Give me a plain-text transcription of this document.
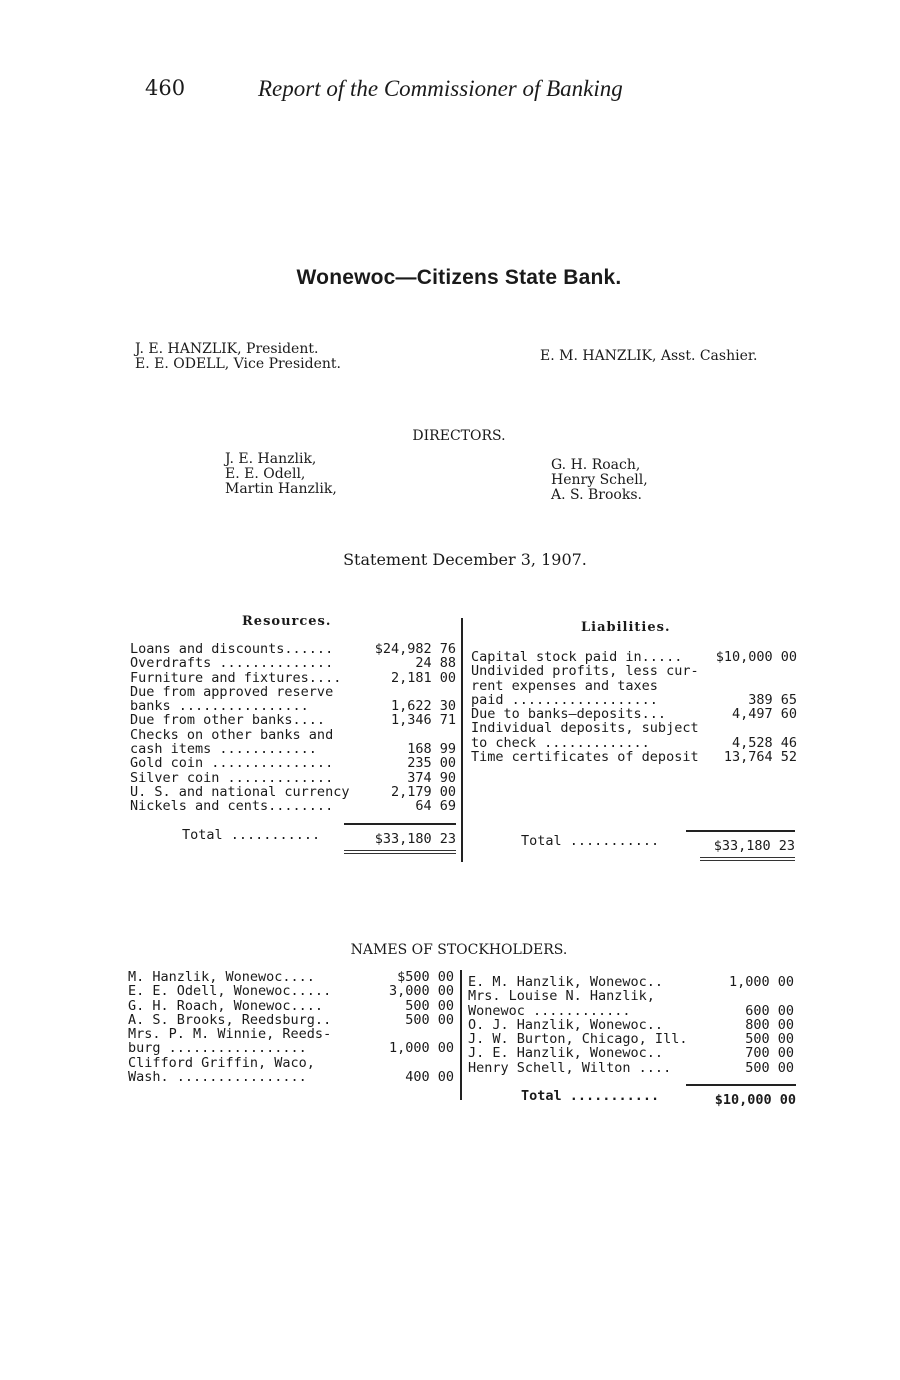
460	Report of the Commissioner of Banking
Wonewoc—Citizens State Bank.
J. E. HANZLIK, President.
E. E. ODELL, Vice President.	E. M. HANZLIK, Asst. Cashier.
DIRECTORS.
J. E. Hanzlik,
E. E. Odell,
Martin Hanzlik,
G. H. Roach,
Henry Schell,
A. S. Brooks.
Statement December 3, 1907.
Resources.
Loans and discounts......	$24,982 76
Overdrafts ..............	24 88
Furniture and fixtures....	2,181 00
Due from approved reserve
banks ................	1,622 30
Due from other banks....	1,346 71
Checks on other banks and
cash items ............	168 99
Gold coin ...............	235 00
Silver coin .............	374 90
U. S. and national currency	2,179 00
Nickels and cents........	64 69
Total ...........	$33,180 23
Liabilities.
Capital stock paid in..... $10,000 00
Undivided profits, less cur-
rent expenses and taxes
paid ..................	389 65
Due to banks—deposits...	4,497 60
Individual deposits, subject
to check .............	4,528 46
Time certificates of deposit 13,764 52
Total ...........	$33,180 23
NAMES OF STOCKHOLDERS.
M. Hanzlik, Wonewoc....	$500 00
E. E. Odell, Wonewoc.....	3,000 00
G. H. Roach, Wonewoc....	500 00
A. S. Brooks, Reedsburg..	500 00
Mrs. P. M. Winnie, Reeds-
burg .................	1,000 00
Clifford Griffin, Waco,
Wash. ................	400 00
E. M. Hanzlik, Wonewoc..	1,000 00
Mrs. Louise N. Hanzlik,
Wonewoc ............	600 00
O. J. Hanzlik, Wonewoc..	800 00
J. W. Burton, Chicago, Ill.	500 00
J. E. Hanzlik, Wonewoc..	700 00
Henry Schell, Wilton ....	500 00
Total ...........	$10,000 00
